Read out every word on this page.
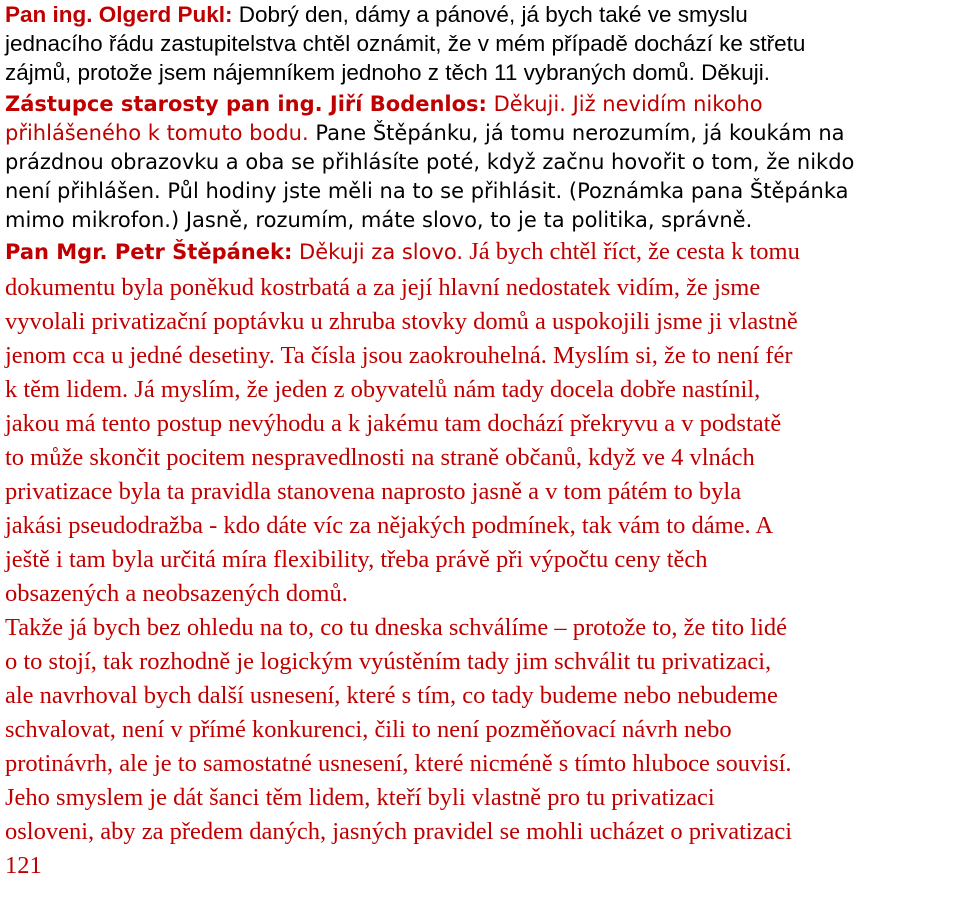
Pan ing. Olgerd Pukl: Dobrý den, dámy a pánové, já bych také ve smyslu
jednacího řádu zastupitelstva chtěl oznámit, že v mém případě dochází ke střetu
zájmů, protože jsem nájemníkem jednoho z těch 11 vybraných domů. Děkuji.
Zástupce starosty pan ing. Jiří Bodenlos: Děkuji. Již nevidím nikoho
přihlášeného k tomuto bodu. Pane Štěpánku, já tomu nerozumím, já koukám na
prázdnou obrazovku a oba se přihlásíte poté, když začnu hovořit o tom, že nikdo
není přihlášen. Půl hodiny jste měli na to se přihlásit. (Poznámka pana Štěpánka
mimo mikrofon.) Jasně, rozumím, máte slovo, to je ta politika, správně.
Pan Mgr. Petr Štěpánek: Děkuji za slovo. Já bych chtěl říct, že cesta k tomu
dokumentu byla poněkud kostrbatá a za její hlavní nedostatek vidím, že jsme
vyvolali privatizační poptávku u zhruba stovky domů a uspokojili jsme ji vlastně
jenom cca u jedné desetiny. Ta čísla jsou zaokrouhelná. Myslím si, že to není fér
k těm lidem. Já myslím, že jeden z obyvatelů nám tady docela dobře nastínil,
jakou má tento postup nevýhodu a k jakému tam dochází překryvu a v podstatě
to může skončit pocitem nespravedlnosti na straně občanů, když ve 4 vlnách
privatizace byla ta pravidla stanovena naprosto jasně a v tom pátém to byla
jakási pseudodražba - kdo dáte víc za nějakých podmínek, tak vám to dáme. A
ještě i tam byla určitá míra flexibility, třeba právě při výpočtu ceny těch
obsazených a neobsazených domů.
Takže já bych bez ohledu na to, co tu dneska schválíme – protože to, že tito lidé
o to stojí, tak rozhodně je logickým vyústěním tady jim schválit tu privatizaci,
ale navrhoval bych další usnesení, které s tím, co tady budeme nebo nebudeme
schvalovat, není v přímé konkurenci, čili to není pozměňovací návrh nebo
protinávrh, ale je to samostatné usnesení, které nicméně s tímto hluboce souvisí.
Jeho smyslem je dát šanci těm lidem, kteří byli vlastně pro tu privatizaci
osloveni, aby za předem daných, jasných pravidel se mohli ucházet o privatizaci
121
